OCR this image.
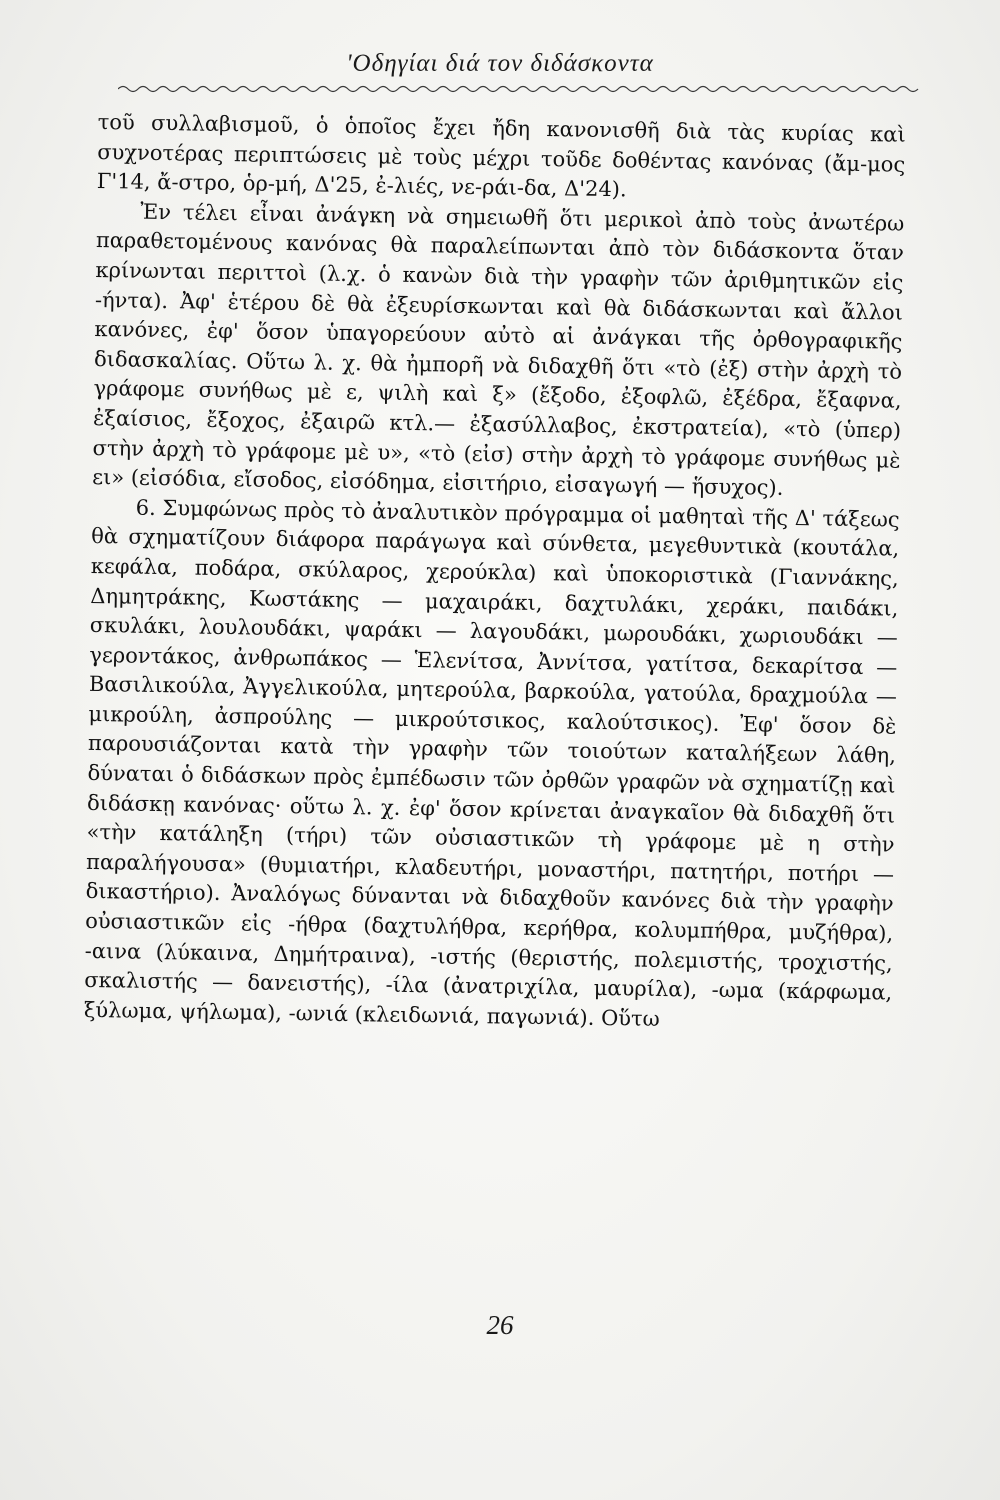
'Οδηγίαι διά τον διδάσκοντα

τοῦ συλλαβισμοῦ, ὁ ὁποῖος ἔχει ἤδη κανονισθῆ διὰ τὰς κυρίας καὶ συχνοτέρας περιπτώσεις μὲ τοὺς μέχρι τοῦδε δοθέντας κανόνας (ἄμ-μος Γ'14, ἄ-στρο, ὁρ-μή, Δ'25, ἐ-λιές, νε-ράι-δα, Δ'24).

Ἐν τέλει εἶναι ἀνάγκη νὰ σημειωθῆ ὅτι μερικοὶ ἀπὸ τοὺς ἀνωτέρω παραθετομένους κανόνας θὰ παραλείπωνται ἀπὸ τὸν διδάσκοντα ὅταν κρίνωνται περιττοὶ (λ.χ. ὁ κανὼν διὰ τὴν γραφὴν τῶν ἀριθμητικῶν εἰς -ήντα). Ἀφ' ἑτέρου δὲ θὰ ἐξευρίσκωνται καὶ θὰ διδάσκωνται καὶ ἄλλοι κανόνες, ἐφ' ὅσον ὑπαγορεύουν αὐτὸ αἱ ἀνάγκαι τῆς ὀρθογραφικῆς διδασκαλίας. Οὕτω λ. χ. θὰ ἠμπορῆ νὰ διδαχθῆ ὅτι «τὸ (ἐξ) στὴν ἀρχὴ τὸ γράφομε συνήθως μὲ ε, ψιλὴ καὶ ξ» (ἔξοδο, ἐξοφλῶ, ἐξέδρα, ἔξαφνα, ἐξαίσιος, ἔξοχος, ἐξαιρῶ κτλ.— ἐξασύλλαβος, ἐκστρατεία), «τὸ (ὑπερ) στὴν ἀρχὴ τὸ γράφομε μὲ υ», «τὸ (εἰσ) στὴν ἀρχὴ τὸ γράφομε συνήθως μὲ ει» (εἰσόδια, εἴσοδος, εἰσόδημα, εἰσιτήριο, εἰσαγωγή — ἥσυχος).

6. Συμφώνως πρὸς τὸ ἀναλυτικὸν πρόγραμμα οἱ μαθηταὶ τῆς Δ' τάξεως θὰ σχηματίζουν διάφορα παράγωγα καὶ σύνθετα, μεγεθυντικὰ (κουτάλα, κεφάλα, ποδάρα, σκύλαρος, χερούκλα) καὶ ὑποκοριστικὰ (Γιαννάκης, Δημητράκης, Κωστάκης — μαχαιράκι, δαχτυλάκι, χεράκι, παιδάκι, σκυλάκι, λουλουδάκι, ψαράκι — λαγουδάκι, μωρουδάκι, χωριουδάκι — γεροντάκος, ἀνθρωπάκος — Ἑλενίτσα, Ἀννίτσα, γατίτσα, δεκαρίτσα — Βασιλικούλα, Ἀγγελικούλα, μητερούλα, βαρκούλα, γατούλα, δραχμούλα — μικρούλη, ἀσπρούλης — μικρούτσικος, καλούτσικος). Ἐφ' ὅσον δὲ παρουσιάζονται κατὰ τὴν γραφὴν τῶν τοιούτων καταλήξεων λάθη, δύναται ὁ διδάσκων πρὸς ἐμπέδωσιν τῶν ὀρθῶν γραφῶν νὰ σχηματίζῃ καὶ διδάσκῃ κανόνας· οὕτω λ. χ. ἐφ' ὅσον κρίνεται ἀναγκαῖον θὰ διδαχθῆ ὅτι «τὴν κατάληξη (τήρι) τῶν οὐσιαστικῶν τὴ γράφομε μὲ η στὴν παραλήγουσα» (θυμιατήρι, κλαδευτήρι, μοναστήρι, πατητήρι, ποτήρι — δικαστήριο). Ἀναλόγως δύνανται νὰ διδαχθοῦν κανόνες διὰ τὴν γραφὴν οὐσιαστικῶν εἰς -ήθρα (δαχτυλήθρα, κερήθρα, κολυμπήθρα, μυζήθρα), -αινα (λύκαινα, Δημήτραινα), -ιστής (θεριστής, πολεμιστής, τροχιστής, σκαλιστής — δανειστής), -ίλα (ἀνατριχίλα, μαυρίλα), -ωμα (κάρφωμα, ξύλωμα, ψήλωμα), -ωνιά (κλειδωνιά, παγωνιά). Οὕτω

26
